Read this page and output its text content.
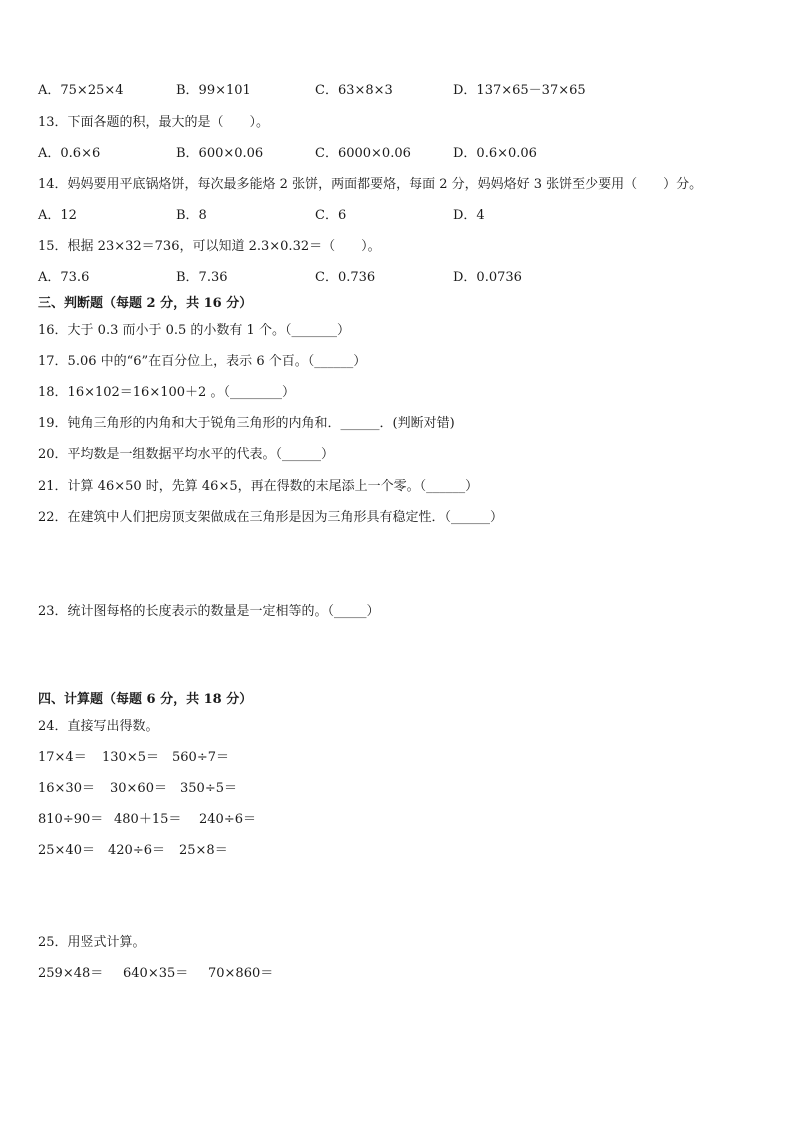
A．75×25×4	B．99×101	C．63×8×3	D．137×65－37×65
13．下面各题的积，最大的是（　　）。
A．0.6×6	B．600×0.06	C．6000×0.06	D．0.6×0.06
14．妈妈要用平底锅烙饼，每次最多能烙 2 张饼，两面都要烙，每面 2 分，妈妈烙好 3 张饼至少要用（　　）分。
A．12	B．8	C．6	D．4
15．根据 23×32＝736，可以知道 2.3×0.32＝（　　）。
A．73.6	B．7.36	C．0.736	D．0.0736
三、判断题（每题 2 分，共 16 分）
16．大于 0.3 而小于 0.5 的小数有 1 个。（_______）
17．5.06 中的“6”在百分位上，表示 6 个百。（______）
18．16×102＝16×100＋2 。（________）
19．钝角三角形的内角和大于锐角三角形的内角和．______．(判断对错)
20．平均数是一组数据平均水平的代表。（______）
21．计算 46×50 时，先算 46×5，再在得数的末尾添上一个零。（______）
22．在建筑中人们把房顶支架做成在三角形是因为三角形具有稳定性．（______）
23．统计图每格的长度表示的数量是一定相等的。（_____）
四、计算题（每题 6 分，共 18 分）
24．直接写出得数。
17×4＝ 130×5＝ 560÷7＝
16×30＝ 30×60＝ 350÷5＝
810÷90＝ 480＋15＝ 240÷6＝
25×40＝ 420÷6＝ 25×8＝
25．用竖式计算。
259×48＝ 640×35＝ 70×860＝
